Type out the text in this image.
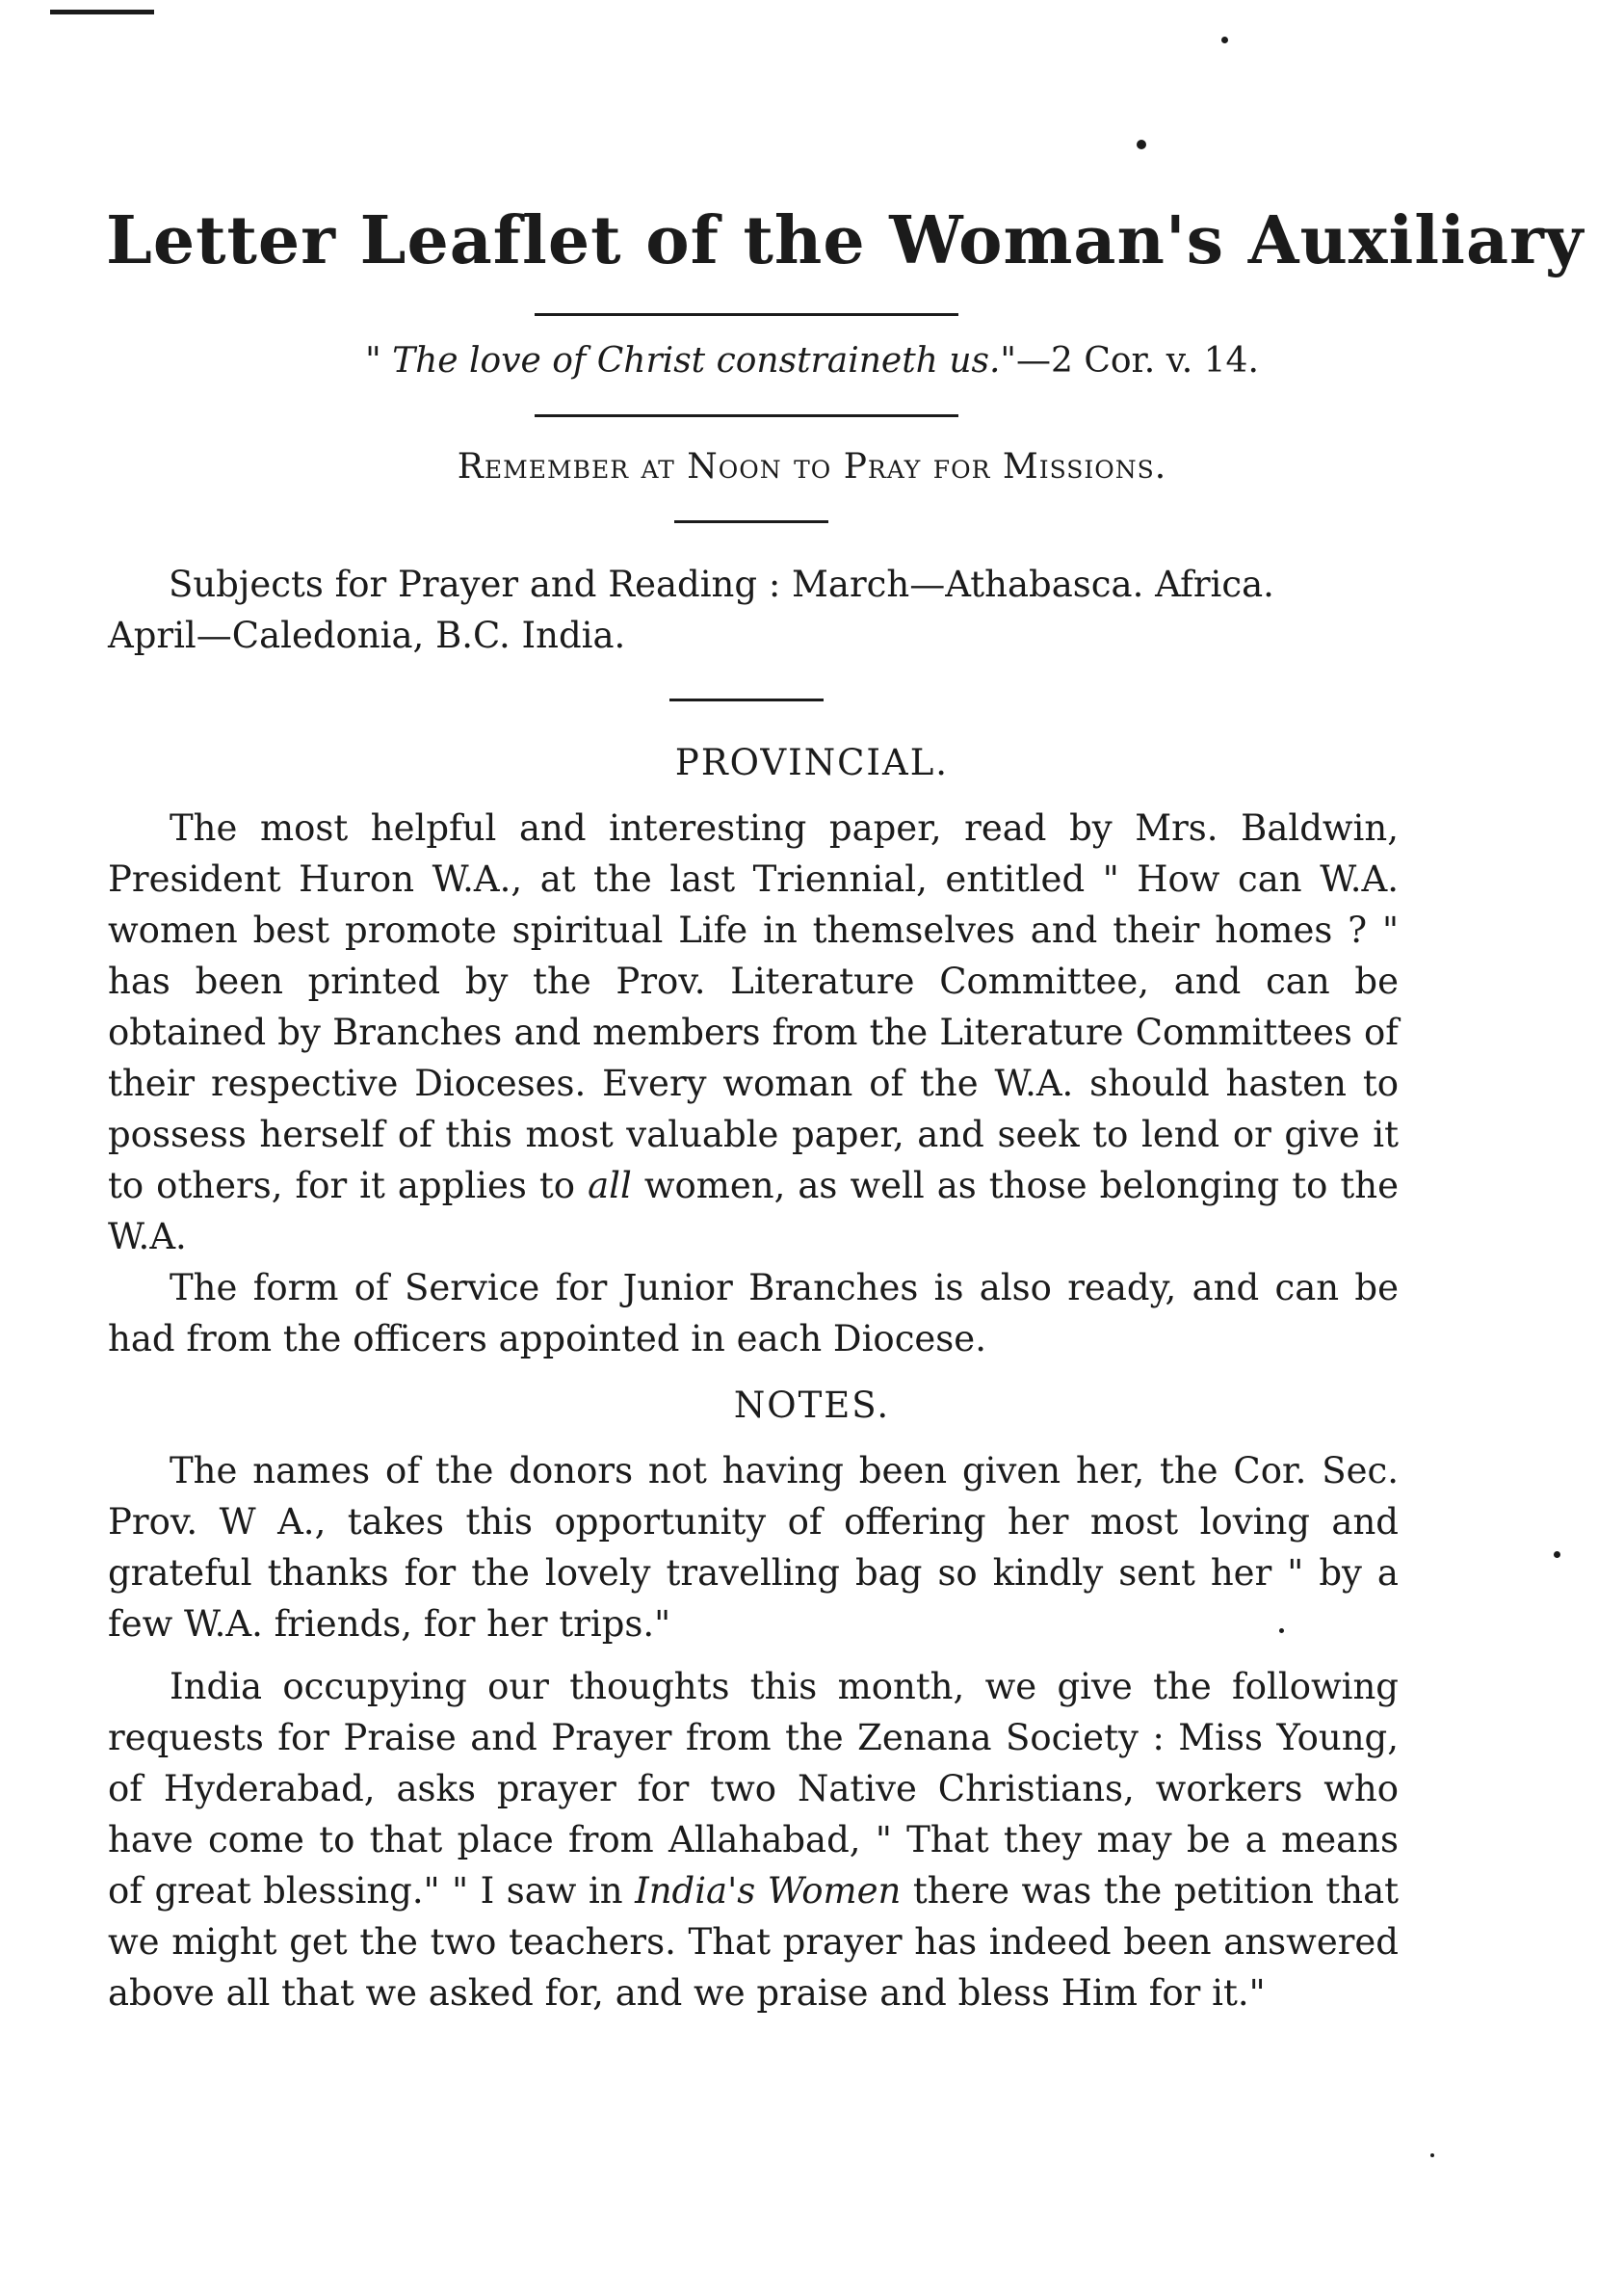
Letter Leaflet of the Woman's Auxiliary
" The love of Christ constraineth us."—2 Cor. v. 14.
Remember at Noon to Pray for Missions.
Subjects for Prayer and Reading : March—Athabasca. Africa.
April—Caledonia, B.C. India.
PROVINCIAL.

The most helpful and interesting paper, read by Mrs. Baldwin, President Huron W.A., at the last Triennial, entitled " How can W.A. women best promote spiritual Life in themselves and their homes ? " has been printed by the Prov. Literature Committee, and can be obtained by Branches and members from the Literature Committees of their respective Dioceses. Every woman of the W.A. should hasten to possess herself of this most valuable paper, and seek to lend or give it to others, for it applies to all women, as well as those belonging to the W.A.

The form of Service for Junior Branches is also ready, and can be had from the officers appointed in each Diocese.

NOTES.

The names of the donors not having been given her, the Cor. Sec. Prov. W A., takes this opportunity of offering her most loving and grateful thanks for the lovely travelling bag so kindly sent her " by a few W.A. friends, for her trips."

India occupying our thoughts this month, we give the following requests for Praise and Prayer from the Zenana Society : Miss Young, of Hyderabad, asks prayer for two Native Christians, workers who have come to that place from Allahabad, " That they may be a means of great blessing." " I saw in India's Women there was the petition that we might get the two teachers. That prayer has indeed been answered above all that we asked for, and we praise and bless Him for it."
